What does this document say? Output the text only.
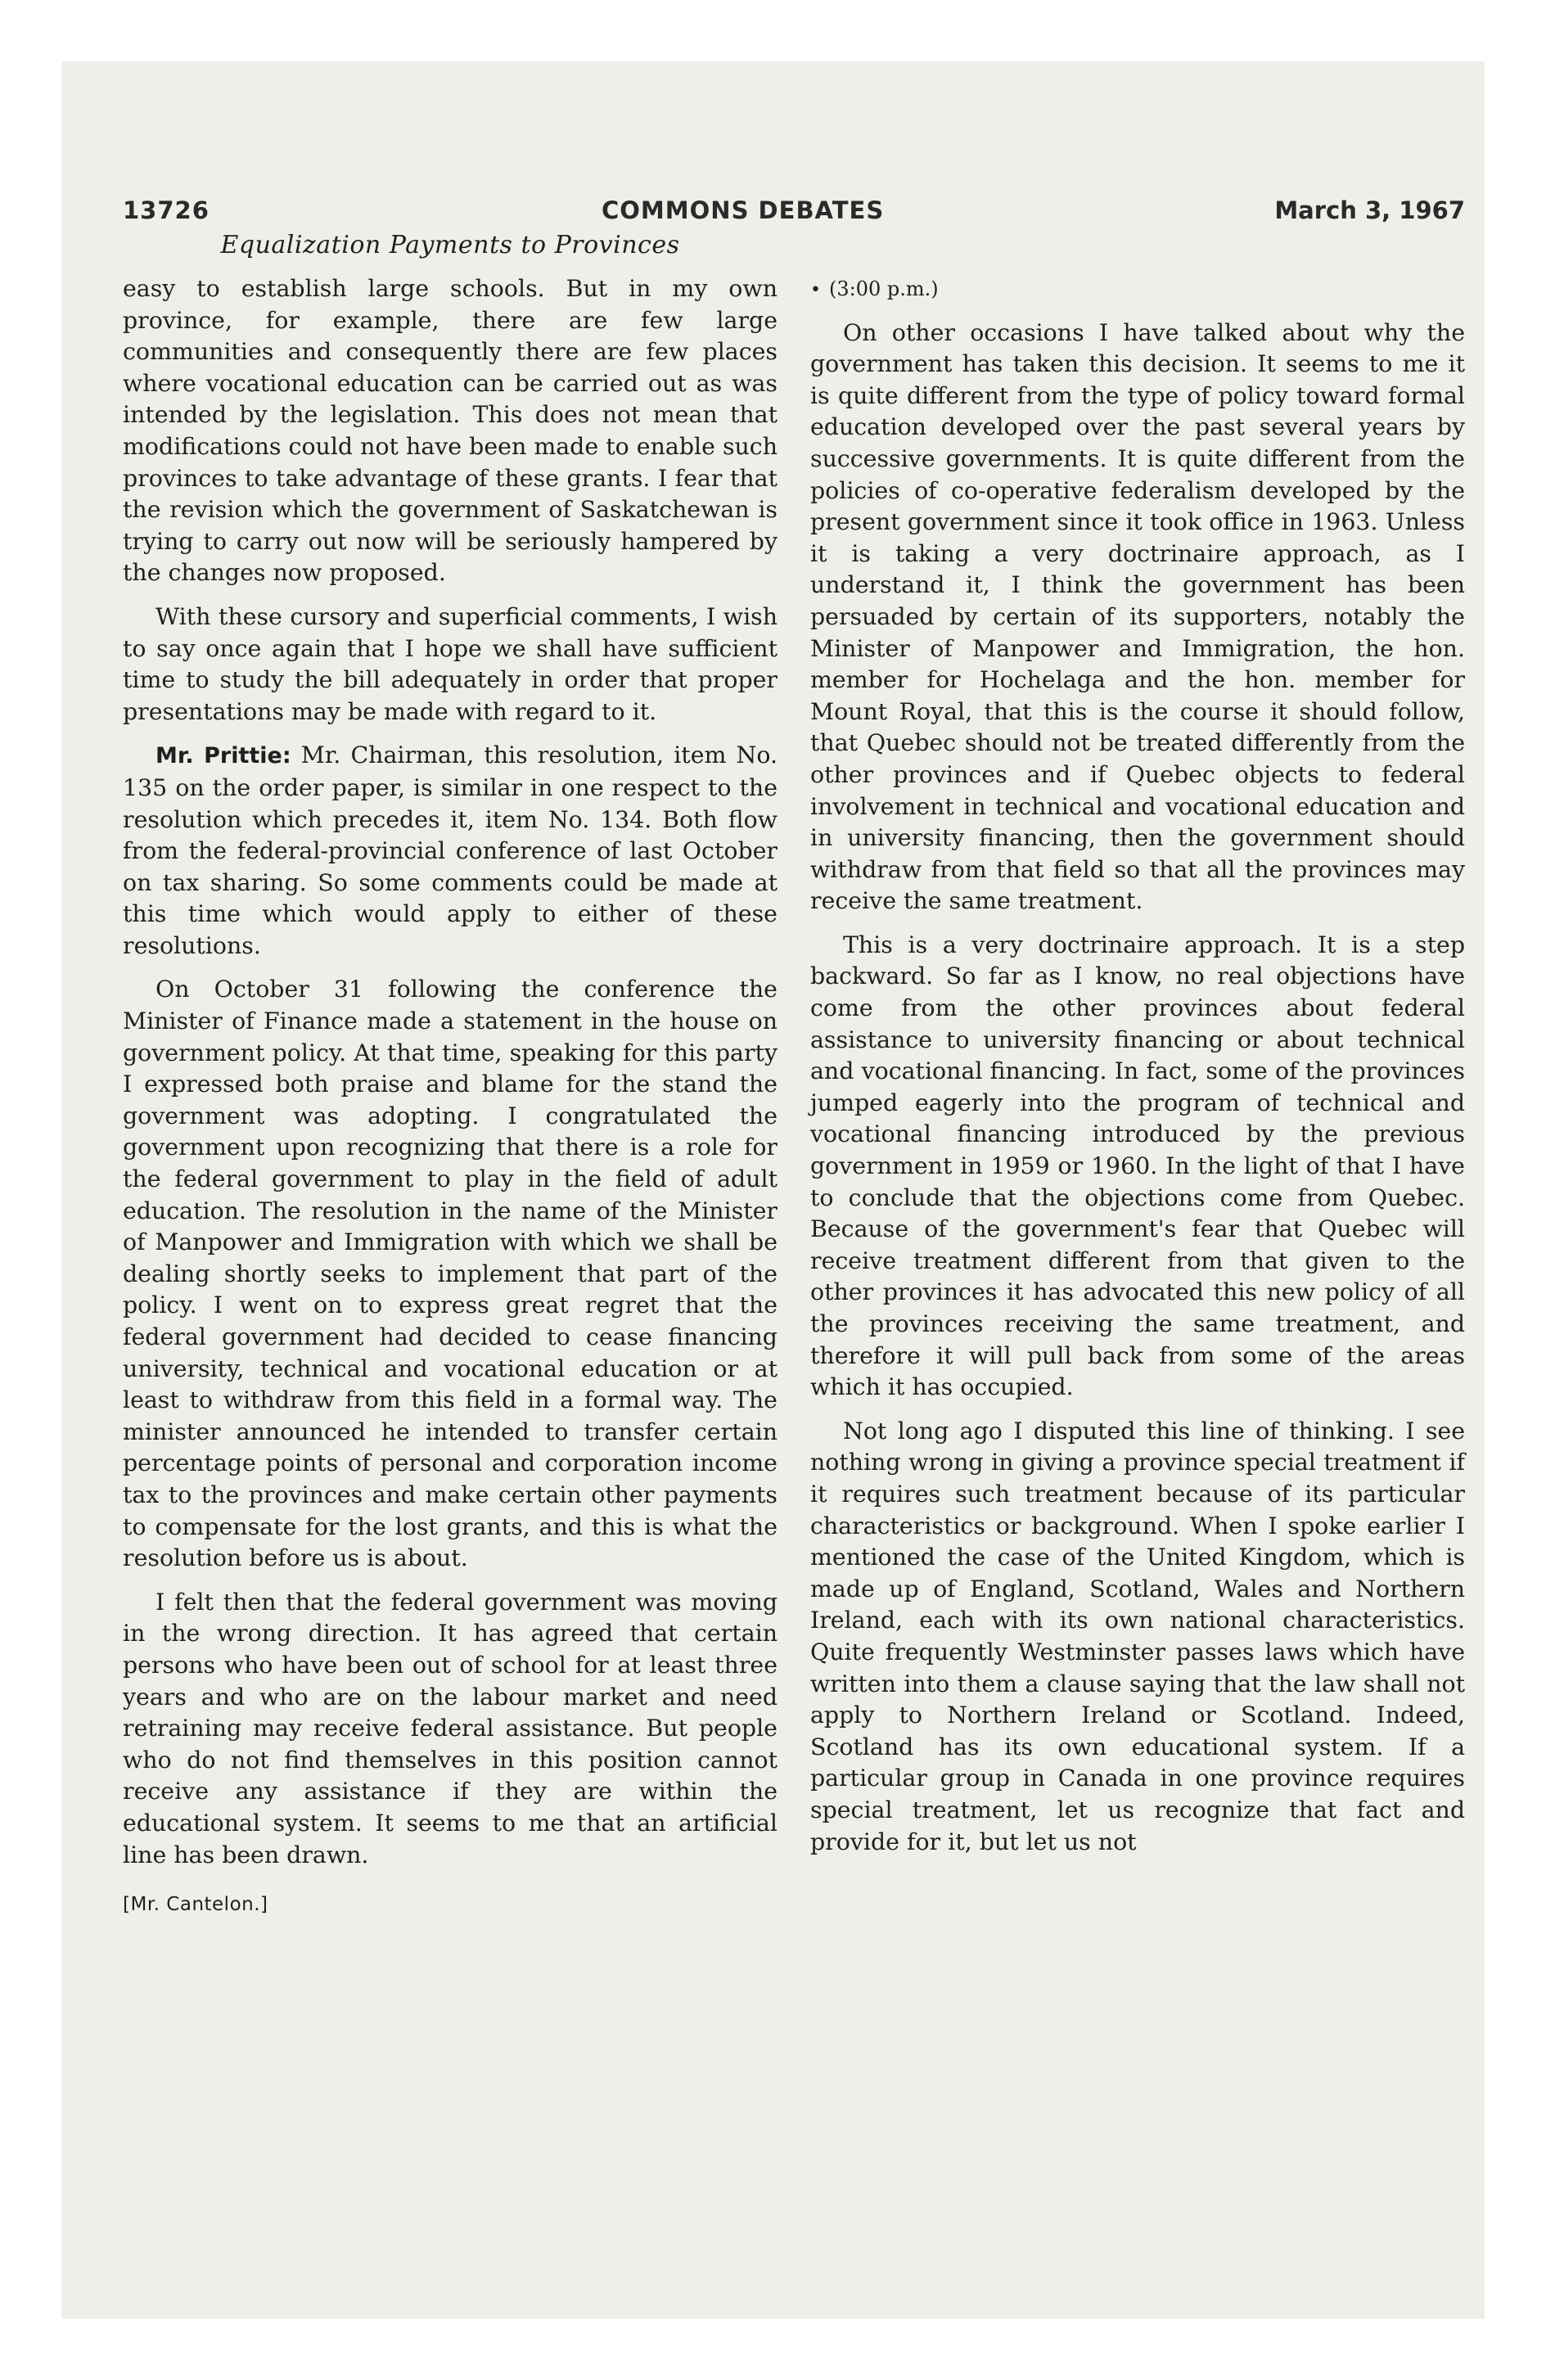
13726	COMMONS DEBATES	March 3, 1967
Equalization Payments to Provinces

easy to establish large schools. But in my own province, for example, there are few large communities and consequently there are few places where vocational education can be carried out as was intended by the legislation. This does not mean that modifications could not have been made to enable such provinces to take advantage of these grants. I fear that the revision which the government of Saskatchewan is trying to carry out now will be seriously hampered by the changes now proposed.

With these cursory and superficial comments, I wish to say once again that I hope we shall have sufficient time to study the bill adequately in order that proper presentations may be made with regard to it.

Mr. Prittie: Mr. Chairman, this resolution, item No. 135 on the order paper, is similar in one respect to the resolution which precedes it, item No. 134. Both flow from the federal-provincial conference of last October on tax sharing. So some comments could be made at this time which would apply to either of these resolutions.

On October 31 following the conference the Minister of Finance made a statement in the house on government policy. At that time, speaking for this party I expressed both praise and blame for the stand the government was adopting. I congratulated the government upon recognizing that there is a role for the federal government to play in the field of adult education. The resolution in the name of the Minister of Manpower and Immigration with which we shall be dealing shortly seeks to implement that part of the policy. I went on to express great regret that the federal government had decided to cease financing university, technical and vocational education or at least to withdraw from this field in a formal way. The minister announced he intended to transfer certain percentage points of personal and corporation income tax to the provinces and make certain other payments to compensate for the lost grants, and this is what the resolution before us is about.

I felt then that the federal government was moving in the wrong direction. It has agreed that certain persons who have been out of school for at least three years and who are on the labour market and need retraining may receive federal assistance. But people who do not find themselves in this position cannot receive any assistance if they are within the educational system. It seems to me that an artificial line has been drawn.

[Mr. Cantelon.]
• (3:00 p.m.)

On other occasions I have talked about why the government has taken this decision. It seems to me it is quite different from the type of policy toward formal education developed over the past several years by successive governments. It is quite different from the policies of co-operative federalism developed by the present government since it took office in 1963. Unless it is taking a very doctrinaire approach, as I understand it, I think the government has been persuaded by certain of its supporters, notably the Minister of Manpower and Immigration, the hon. member for Hochelaga and the hon. member for Mount Royal, that this is the course it should follow, that Quebec should not be treated differently from the other provinces and if Quebec objects to federal involvement in technical and vocational education and in university financing, then the government should withdraw from that field so that all the provinces may receive the same treatment.

This is a very doctrinaire approach. It is a step backward. So far as I know, no real objections have come from the other provinces about federal assistance to university financing or about technical and vocational financing. In fact, some of the provinces jumped eagerly into the program of technical and vocational financing introduced by the previous government in 1959 or 1960. In the light of that I have to conclude that the objections come from Quebec. Because of the government's fear that Quebec will receive treatment different from that given to the other provinces it has advocated this new policy of all the provinces receiving the same treatment, and therefore it will pull back from some of the areas which it has occupied.

Not long ago I disputed this line of thinking. I see nothing wrong in giving a province special treatment if it requires such treatment because of its particular characteristics or background. When I spoke earlier I mentioned the case of the United Kingdom, which is made up of England, Scotland, Wales and Northern Ireland, each with its own national characteristics. Quite frequently Westminster passes laws which have written into them a clause saying that the law shall not apply to Northern Ireland or Scotland. Indeed, Scotland has its own educational system. If a particular group in Canada in one province requires special treatment, let us recognize that fact and provide for it, but let us not
